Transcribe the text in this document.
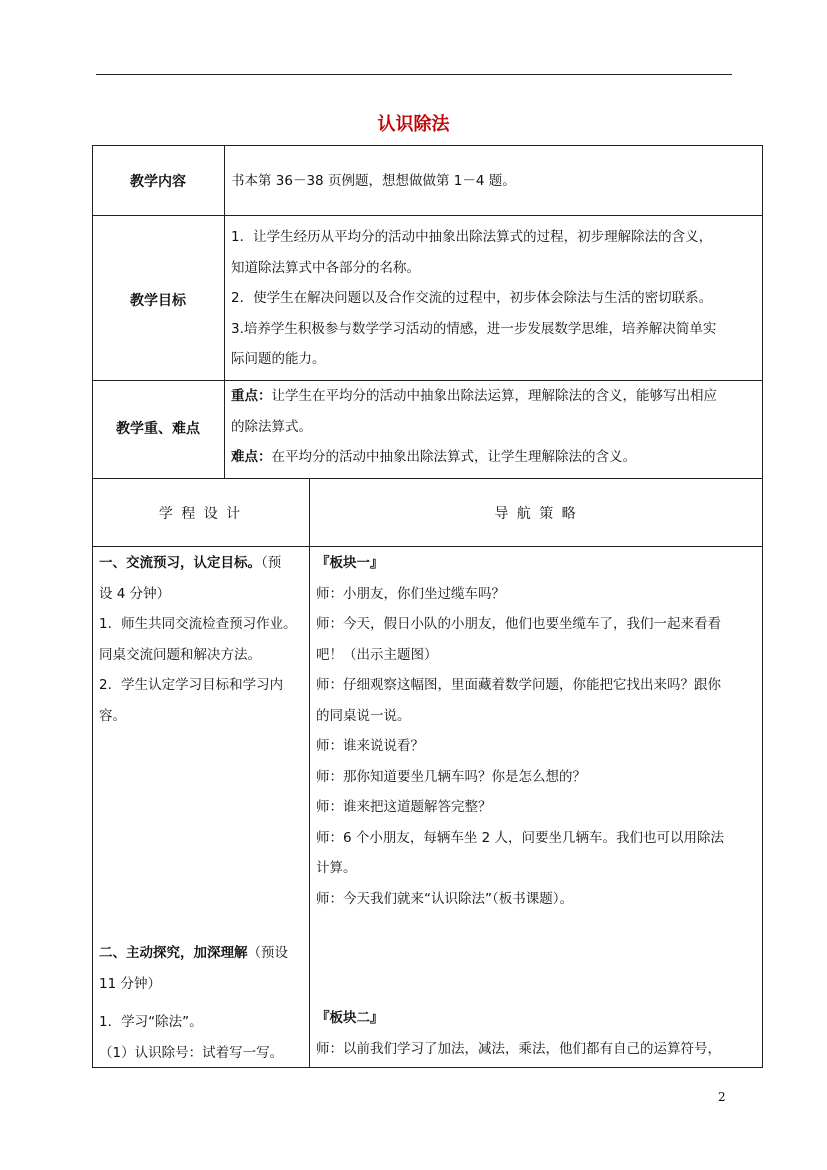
认识除法
教学内容	书本第 36－38 页例题，想想做做第 1－4 题。
教学目标

1．让学生经历从平均分的活动中抽象出除法算式的过程，初步理解除法的含义，

知道除法算式中各部分的名称。

2．使学生在解决问题以及合作交流的过程中，初步体会除法与生活的密切联系。

3.培养学生积极参与数学学习活动的情感，进一步发展数学思维，培养解决简单实

际问题的能力。

教学重、难点

重点：让学生在平均分的活动中抽象出除法运算，理解除法的含义，能够写出相应

的除法算式。

难点：在平均分的活动中抽象出除法算式，让学生理解除法的含义。

学 程 设 计	导 航 策 略

一、交流预习，认定目标。（预

设 4 分钟）

1．师生共同交流检查预习作业。

同桌交流问题和解决方法。

2．学生认定学习目标和学习内

容。

二、主动探究，加深理解（预设

11 分钟）

1．学习“除法”。

（1）认识除号：试着写一写。

『板块一』

师：小朋友，你们坐过缆车吗？

师：今天，假日小队的小朋友，他们也要坐缆车了，我们一起来看看

吧！（出示主题图）

师：仔细观察这幅图，里面藏着数学问题，你能把它找出来吗？跟你

的同桌说一说。

师：谁来说说看？

师：那你知道要坐几辆车吗？你是怎么想的？

师：谁来把这道题解答完整？

师：6 个小朋友，每辆车坐 2 人，问要坐几辆车。我们也可以用除法

计算。

师：今天我们就来“认识除法”（板书课题）。

『板块二』

师：以前我们学习了加法，减法，乘法，他们都有自己的运算符号，

2
